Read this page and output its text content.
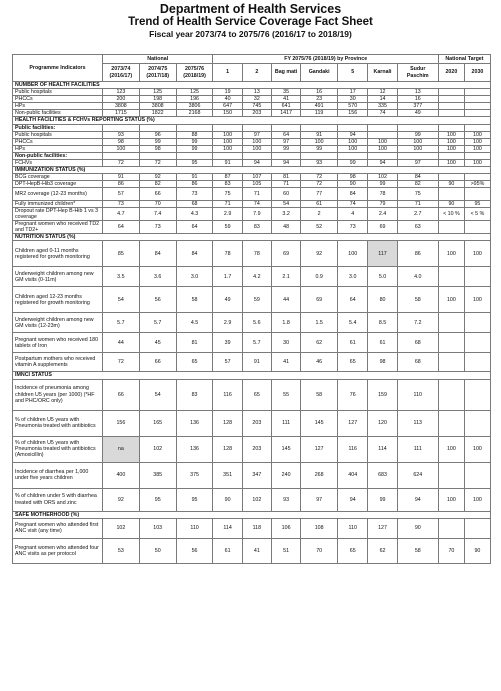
Department of Health Services
Trend of Health Service Coverage Fact Sheet
Fiscal year 2073/74 to 2075/76 (2016/17 to 2018/19)
Programme Indicators	National			FY 2075/76 (2018/19) by Province							National Target	
	2073/74 (2016/17)	2074/75 (2017/18)	2075/76 (2018/19)	1	2	Bag mati	Gandaki	5	Karnali	Sudur Paschim	2020	2030
NUMBER OF HEALTH FACILITIES												
Public hospitals	123	125	125	19	13	35	16	17	12	13		
PHCCs	200	198	196	40	32	41	23	30	14	16		
HPs	3808	3808	3806	647	745	641	491	570	335	377		
Non-public facilities	1715	1822	2168	150	203	1417	119	156	74	49		
HEALTH FACILITIES & FCHVs REPORTING STATUS (%)												
Public facilities:												
Public hospitals	93	96	88	100	97	64	91	94		99	100	100
PHCCs	98	99	99	100	100	97	100	100	100	100	100	100
HPs	100	98	99	100	100	99	99	100	100	100	100	100
Non-public facilities:												
FCHVs	72	72	95	91	94	94	93	99	94	97	100	100
IMMUNIZATION STATUS (%)												
BCG coverage	91	92	91	87	107	81	72	98	102	84		
DPT-HepB-Hib3 coverage	86	82	86	83	105	71	72	90	99	82	90	>95%
MR2 coverage (12-23 months)	57	66	73	75	71	60	77	84	78	75		
Fully immunized children*	73	70	68	71	74	54	61	74	79	71	90	95
Dropout rate DPT-Hep B-Hib 1 vs 3 coverage	4.7	7.4	4.3	2.9	7.9	3.2	2	4	2.4	2.7	< 10 %	< 5 %
Pregnant women who received TD2 and TD2+	64	73	64	59	83	48	52	73	69	63		
NUTRITION STATUS (%)												
Children aged 0-11 months registered for growth monitoring	85	84	84	78	78	69	92	100	117	86	100	100
Underweight children among new GM visits (0-11m)	3.5	3.6	3.0	1.7	4.2	2.1	0.9	3.0	5.0	4.0		
Children aged 12-23 months registered for growth monitoring	54	56	58	49	59	44	69	64	80	58	100	100
Underweight children among new GM visits (12-23m)	5.7	5.7	4.5	2.9	5.6	1.8	1.5	5.4	8.5	7.2		
Pregnant women who received 180 tablets of Iron	44	45	81	39	5.7	30	62	61	61	68		
Postpartum mothers who received vitamin A supplements	72	66	65	57	91	41	46	65	98	68		
IMNCI STATUS												
Incidence of pneumonia among children U5 years (per 1000) (*HF and PHC/ORC only)	66	54	83	116	65	55	58	76	159	110		
% of children U5 years with Pneumonia treated with antibiotics	156	165	136	128	203	111	145	127	120	113		
% of children U5 years with Pneumonia treated with antibiotics (Amoxicillin)	na	102	136	128	203	145	127	116	114	111	100	100
Incidence of diarrhea per 1,000 under five years children	400	385	375	351	347	240	268	404	683	624		
% of children under 5 with diarrhea treated with ORS and zinc	92	95	95	90	102	93	97	94	99	94	100	100
SAFE MOTHERHOOD (%)												
Pregnant women who attended first ANC visit (any time)	102	103	110	114	118	106	108	110	127	90		
Pregnant women who attended four ANC visits as per protocol	53	50	56	61	41	51	70	65	62	58	70	90
